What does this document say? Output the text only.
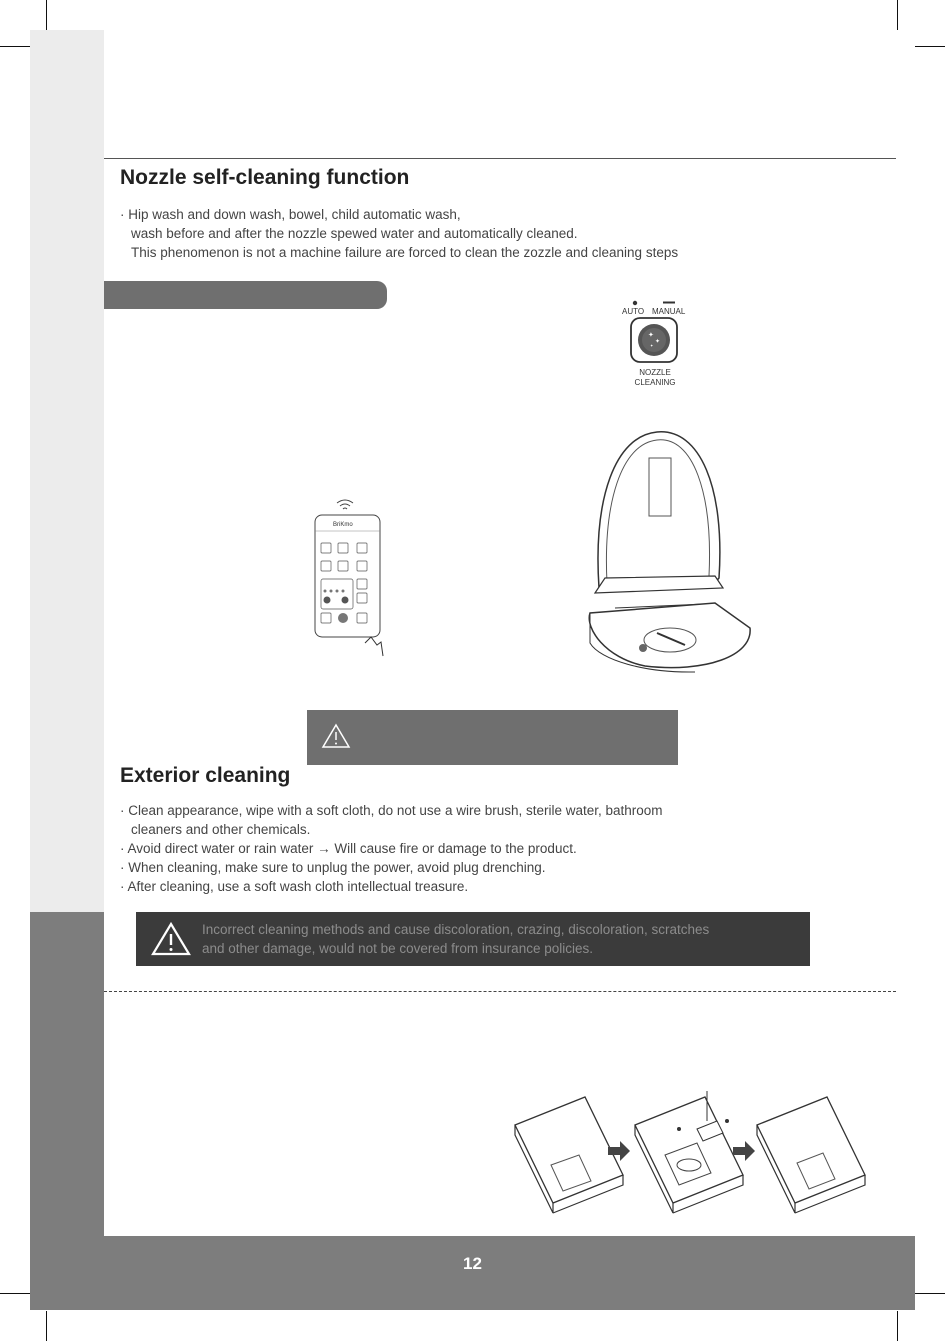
12
Nozzle self-cleaning function
· Hip wash and down wash, bowel, child automatic wash,
wash before and after the nozzle spewed water and automatically cleaned.
This phenomenon is not a machine failure are forced to clean the zozzle and cleaning steps
AUTO MANUAL
✦
✦
✦
NOZZLE
CLEANING
BriKmo
Exterior cleaning
· Clean appearance, wipe with a soft cloth, do not use a wire brush, sterile water, bathroom
cleaners and other chemicals.
· Avoid direct water or rain water → Will cause fire or damage to the product.
· When cleaning, make sure to unplug the power, avoid plug drenching.
· After cleaning, use a soft wash cloth intellectual treasure.
Incorrect cleaning methods and cause discoloration, crazing, discoloration, scratches
and other damage, would not be covered from insurance policies.
